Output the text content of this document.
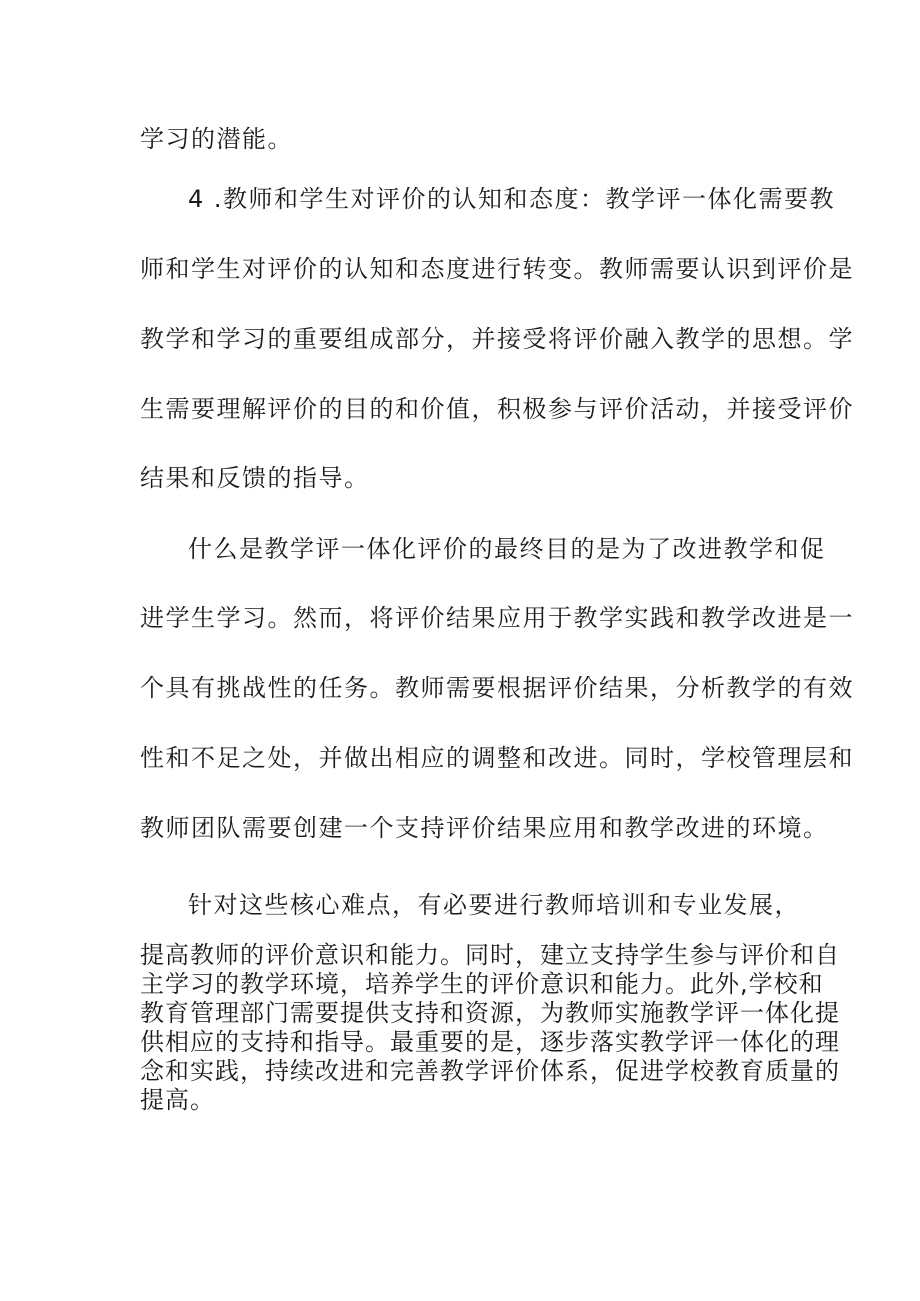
学习的潜能。
4 .教师和学生对评价的认知和态度：教学评一体化需要教
师和学生对评价的认知和态度进行转变。教师需要认识到评价是
教学和学习的重要组成部分，并接受将评价融入教学的思想。学
生需要理解评价的目的和价值，积极参与评价活动，并接受评价
结果和反馈的指导。
什么是教学评一体化评价的最终目的是为了改进教学和促
进学生学习。然而，将评价结果应用于教学实践和教学改进是一
个具有挑战性的任务。教师需要根据评价结果，分析教学的有效
性和不足之处，并做出相应的调整和改进。同时，学校管理层和
教师团队需要创建一个支持评价结果应用和教学改进的环境。
针对这些核心难点，有必要进行教师培训和专业发展，
提高教师的评价意识和能力。同时，建立支持学生参与评价和自
主学习的教学环境，培养学生的评价意识和能力。此外,学校和
教育管理部门需要提供支持和资源，为教师实施教学评一体化提
供相应的支持和指导。最重要的是，逐步落实教学评一体化的理
念和实践，持续改进和完善教学评价体系，促进学校教育质量的
提高。
